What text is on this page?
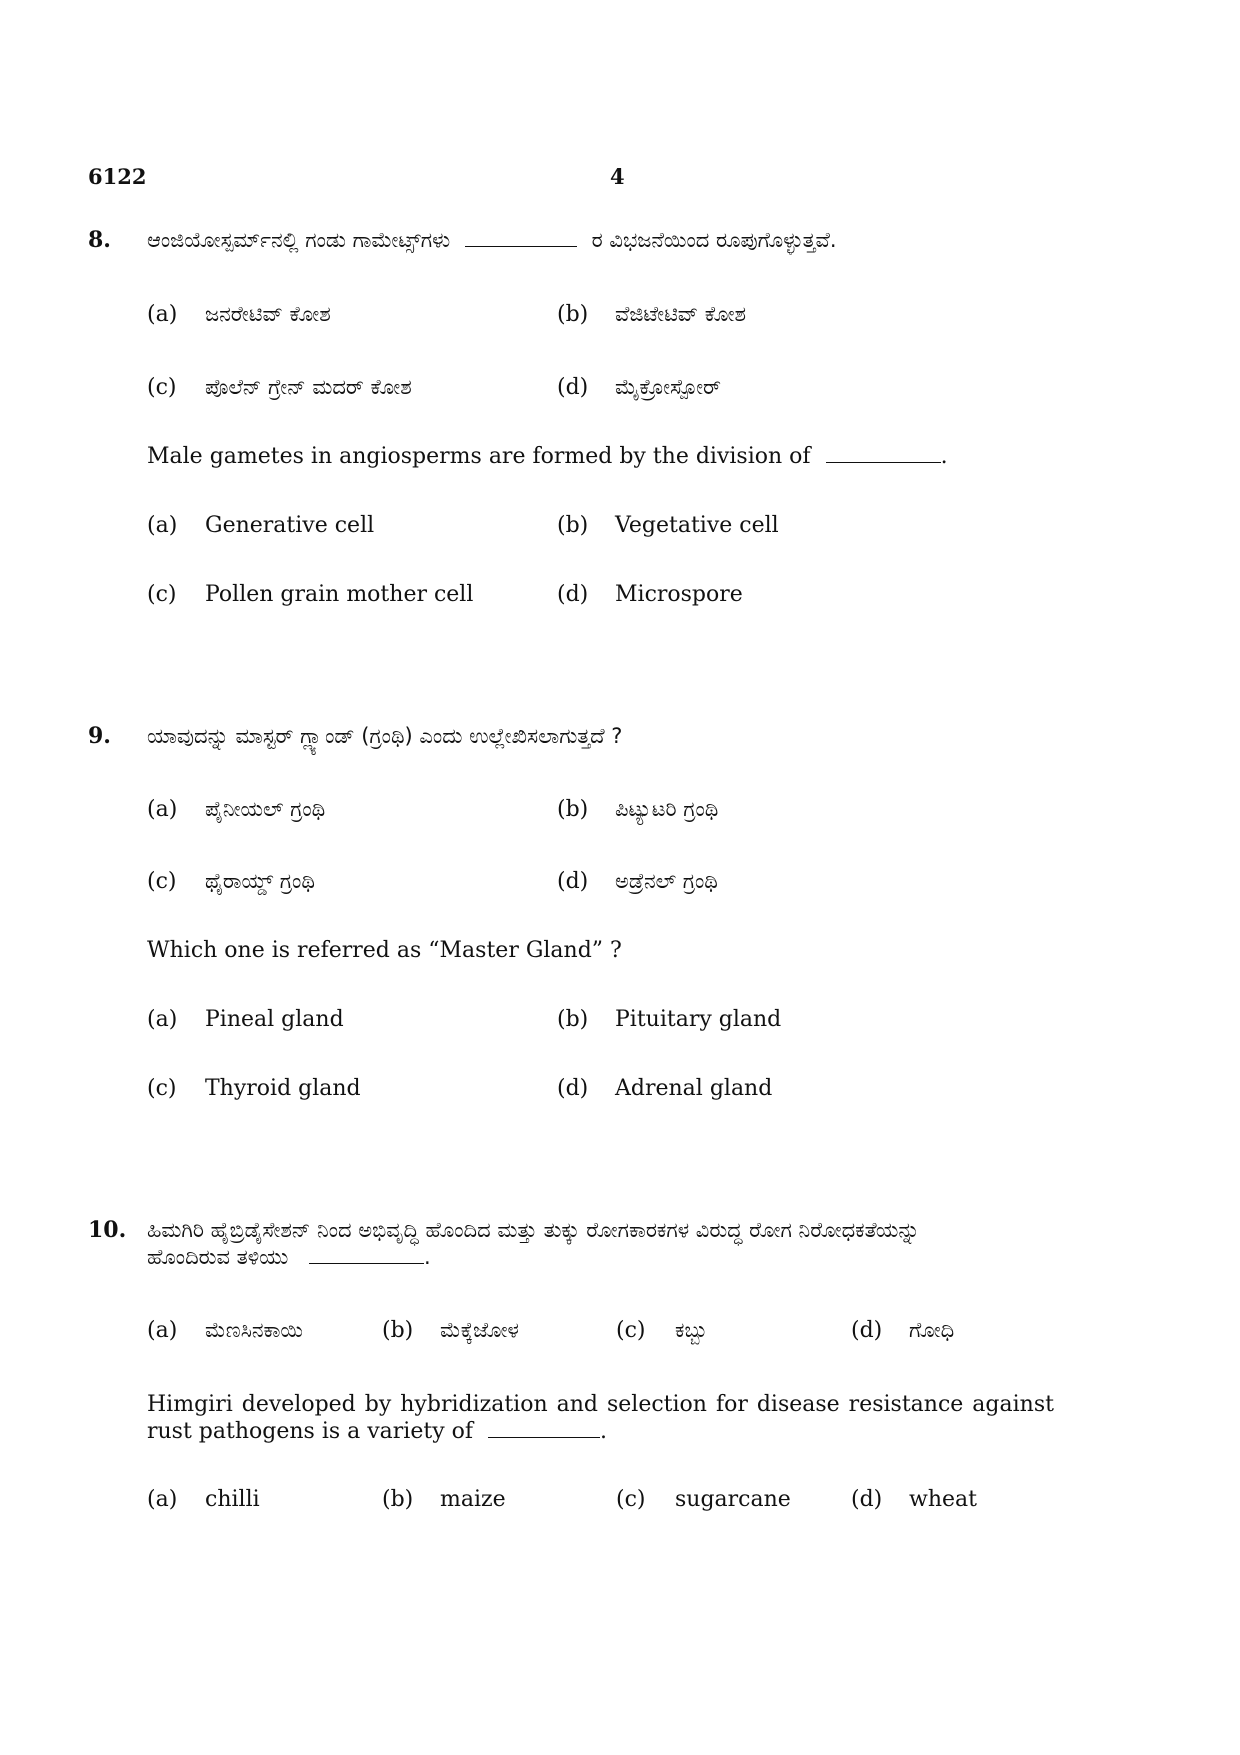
6122	4
8. ಆಂಜಿಯೋಸ್ಪರ್ಮ್‌ನಲ್ಲಿ ಗಂಡು ಗಾಮೇಟ್ಸ್‌ಗಳು	ರ ವಿಭಜನೆಯಿಂದ ರೂಪುಗೊಳ್ಳುತ್ತವೆ.
(a) ಜನರೇಟಿವ್ ಕೋಶ	(b) ವೆಜಿಟೇಟಿವ್ ಕೋಶ
(c) ಪೊಲೆನ್ ಗ್ರೇನ್ ಮದರ್ ಕೋಶ	(d) ಮೈಕ್ರೋಸ್ಪೋರ್
Male gametes in angiosperms are formed by the division of	.
(a) Generative cell	(b) Vegetative cell
(c) Pollen grain mother cell	(d) Microspore
9. ಯಾವುದನ್ನು ಮಾಸ್ಟರ್ ಗ್ಲ್ಯಾಂಡ್ (ಗ್ರಂಥಿ) ಎಂದು ಉಲ್ಲೇಖಿಸಲಾಗುತ್ತದೆ ?
(a) ಪೈನೀಯಲ್ ಗ್ರಂಥಿ	(b) ಪಿಟ್ಯುಟರಿ ಗ್ರಂಥಿ
(c) ಥೈರಾಯ್ಡ್ ಗ್ರಂಥಿ	(d) ಅಡ್ರೆನಲ್ ಗ್ರಂಥಿ
Which one is referred as “Master Gland” ?
(a) Pineal gland	(b) Pituitary gland
(c) Thyroid gland	(d) Adrenal gland
10. ಹಿಮಗಿರಿ ಹೈಬ್ರಿಡೈಸೇಶನ್ ನಿಂದ ಅಭಿವೃದ್ಧಿ ಹೊಂದಿದ ಮತ್ತು ತುಕ್ಕು ರೋಗಕಾರಕಗಳ ವಿರುದ್ಧ ರೋಗ ನಿರೋಧಕತೆಯನ್ನು
ಹೊಂದಿರುವ ತಳಿಯು	.
(a) ಮೆಣಸಿನಕಾಯಿ	(b) ಮೆಕ್ಕೆಜೋಳ	(c) ಕಬ್ಬು	(d) ಗೋಧಿ
Himgiri developed by hybridization and selection for disease resistance against
rust pathogens is a variety of	.
(a) chilli	(b) maize	(c) sugarcane	(d) wheat
